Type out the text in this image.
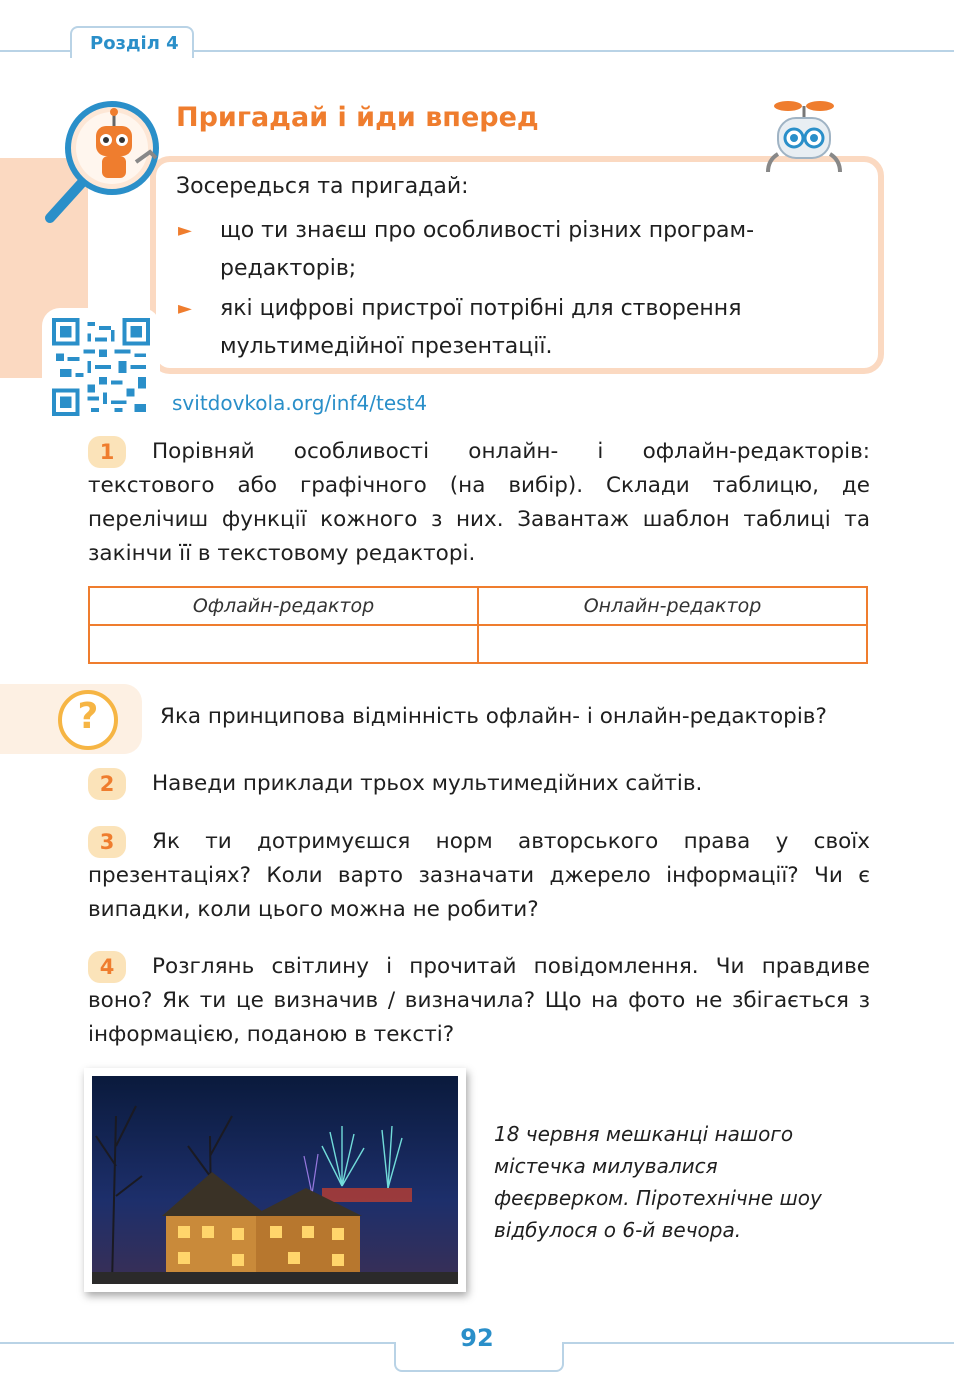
Розділ 4
Пригадай і йди вперед
Зосередься та пригадай:
► що ти знаєш про особливості різних програм-редакторів;
► які цифрові пристрої потрібні для створення мультимедійної презентації.
svitdovkola.org/inf4/test4
1	Порівняй особливості онлайн- і офлайн-редакторів: текстового або графічного (на вибір). Склади таблицю, де перелічиш функції кожного з них. Завантаж шаблон таблиці та закінчи її в текстовому редакторі.
Офлайн-редактор	Онлайн-редактор

?	Яка принципова відмінність офлайн- і онлайн-редакторів?
2	Наведи приклади трьох мультимедійних сайтів.
3	Як ти дотримуєшся норм авторського права у своїх презентаціях? Коли варто зазначати джерело інформації? Чи є випадки, коли цього можна не робити?
4	Розглянь світлину і прочитай повідомлення. Чи правдиве воно? Як ти це визначив / визначила? Що на фото не збігається з інформацією, поданою в тексті?
18 червня мешканці нашого містечка милувалися феєрверком. Піротехнічне шоу відбулося о 6-й вечора.
92
